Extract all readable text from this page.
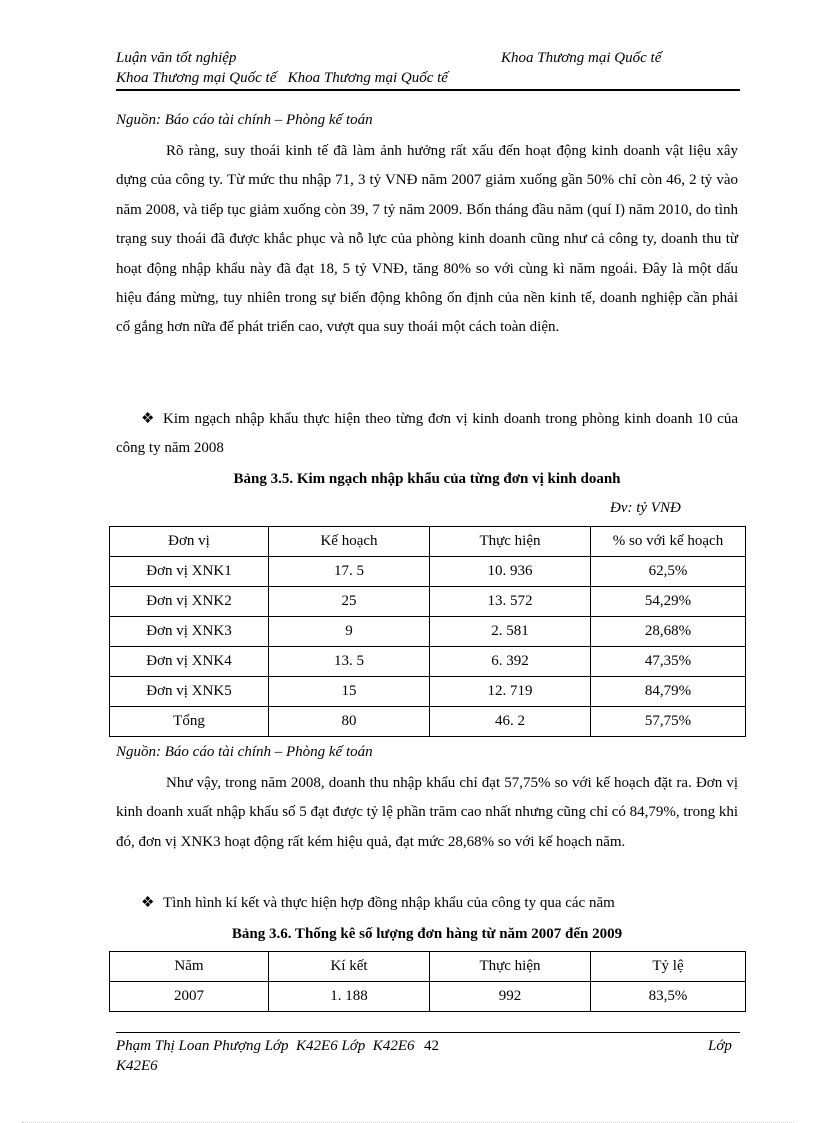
Luận văn tốt nghiệp	Khoa Thương mại Quốc tế
Khoa Thương mại Quốc tế   Khoa Thương mại Quốc tế
Nguồn: Báo cáo tài chính – Phòng kế toán

Rõ ràng, suy thoái kinh tế đã làm ảnh hưởng rất xấu đến hoạt động kinh doanh vật liệu xây dựng của công ty. Từ mức thu nhập 71, 3 tỷ VNĐ năm 2007 giảm xuống gần 50% chỉ còn 46, 2 tỷ vào năm 2008, và tiếp tục giảm xuống còn 39, 7 tỷ năm 2009. Bốn tháng đầu năm (quí I) năm 2010, do tình trạng suy thoái đã được khắc phục và nỗ lực của phòng kinh doanh cũng như cả công ty, doanh thu từ hoạt động nhập khẩu này đã đạt 18, 5 tỷ VNĐ, tăng 80% so với cùng kì năm ngoái. Đây là một dấu hiệu đáng mừng, tuy nhiên trong sự biến động không ổn định của nền kinh tế, doanh nghiệp cần phải cố gắng hơn nữa để phát triển cao, vượt qua suy thoái một cách toàn diện.

❖ Kim ngạch nhập khẩu thực hiện theo từng đơn vị kinh doanh trong phòng kinh doanh 10 của công ty năm 2008
Bảng 3.5. Kim ngạch nhập khẩu của từng đơn vị kinh doanh
Đv: tỷ VNĐ
Đơn vị	Kế hoạch	Thực hiện	% so với kế hoạch
Đơn vị XNK1	17. 5	10. 936	62,5%
Đơn vị XNK2	25	13. 572	54,29%
Đơn vị XNK3	9	2. 581	28,68%
Đơn vị XNK4	13. 5	6. 392	47,35%
Đơn vị XNK5	15	12. 719	84,79%
Tổng	80	46. 2	57,75%
Nguồn: Báo cáo tài chính – Phòng kế toán

Như vậy, trong năm 2008, doanh thu nhập khẩu chỉ đạt 57,75% so với kế hoạch đặt ra. Đơn vị kinh doanh xuất nhập khẩu số 5 đạt được tỷ lệ phần trăm cao nhất nhưng cũng chỉ có 84,79%, trong khi đó, đơn vị XNK3 hoạt động rất kém hiệu quả, đạt mức 28,68% so với kế hoạch năm.

❖ Tình hình kí kết và thực hiện hợp đồng nhập khẩu của công ty qua các năm
Bảng 3.6. Thống kê số lượng đơn hàng từ năm 2007 đến 2009
Năm	Kí kết	Thực hiện	Tỷ lệ
2007	1. 188	992	83,5%
Phạm Thị Loan Phượng Lớp  K42E6 Lớp  K42E6 42	Lớp
K42E6
